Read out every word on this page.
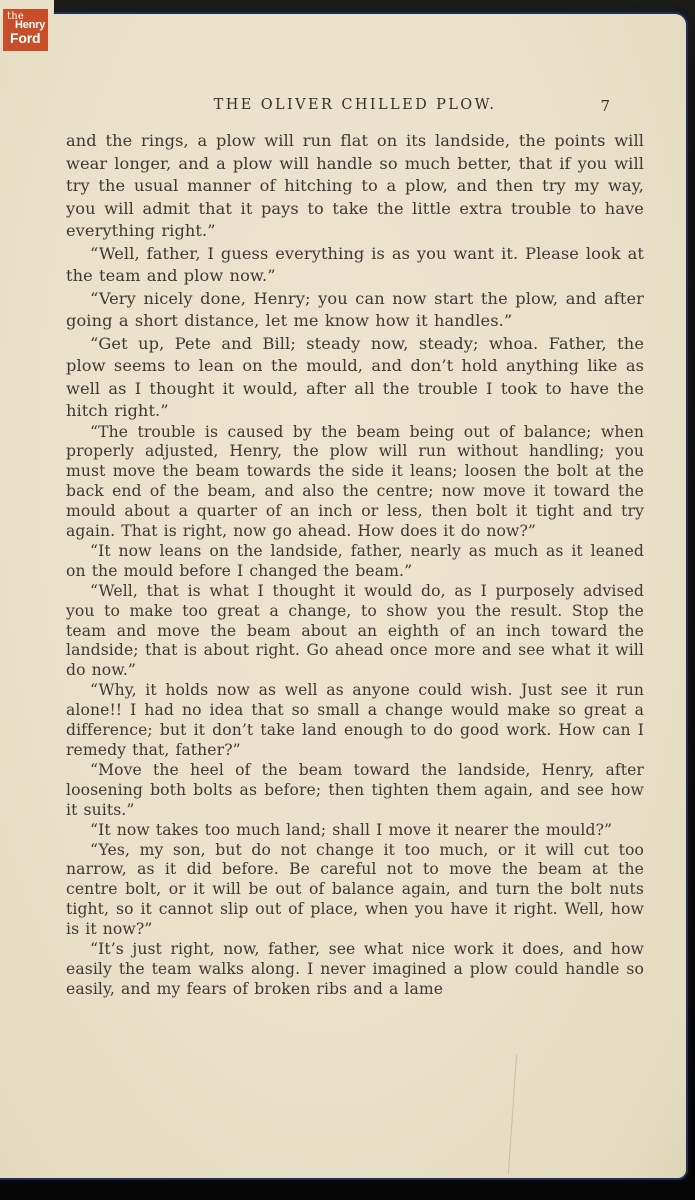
the
Henry
Ford
THE OLIVER CHILLED PLOW.	7

and the rings, a plow will run flat on its landside, the points will wear longer, and a plow will handle so much better, that if you will try the usual manner of hitching to a plow, and then try my way, you will admit that it pays to take the little extra trouble to have everything right.”

“Well, father, I guess everything is as you want it. Please look at the team and plow now.”

“Very nicely done, Henry; you can now start the plow, and after going a short distance, let me know how it handles.”

“Get up, Pete and Bill; steady now, steady; whoa. Father, the plow seems to lean on the mould, and don’t hold anything like as well as I thought it would, after all the trouble I took to have the hitch right.”

“The trouble is caused by the beam being out of balance; when properly adjusted, Henry, the plow will run without handling; you must move the beam towards the side it leans; loosen the bolt at the back end of the beam, and also the centre; now move it toward the mould about a quarter of an inch or less, then bolt it tight and try again. That is right, now go ahead. How does it do now?”

“It now leans on the landside, father, nearly as much as it leaned on the mould before I changed the beam.”

“Well, that is what I thought it would do, as I purposely advised you to make too great a change, to show you the result. Stop the team and move the beam about an eighth of an inch toward the landside; that is about right. Go ahead once more and see what it will do now.”

“Why, it holds now as well as anyone could wish. Just see it run alone!! I had no idea that so small a change would make so great a difference; but it don’t take land enough to do good work. How can I remedy that, father?”

“Move the heel of the beam toward the landside, Henry, after loosening both bolts as before; then tighten them again, and see how it suits.”

“It now takes too much land; shall I move it nearer the mould?”

“Yes, my son, but do not change it too much, or it will cut too narrow, as it did before. Be careful not to move the beam at the centre bolt, or it will be out of balance again, and turn the bolt nuts tight, so it cannot slip out of place, when you have it right. Well, how is it now?”

“It’s just right, now, father, see what nice work it does, and how easily the team walks along. I never imagined a plow could handle so easily, and my fears of broken ribs and a lame
